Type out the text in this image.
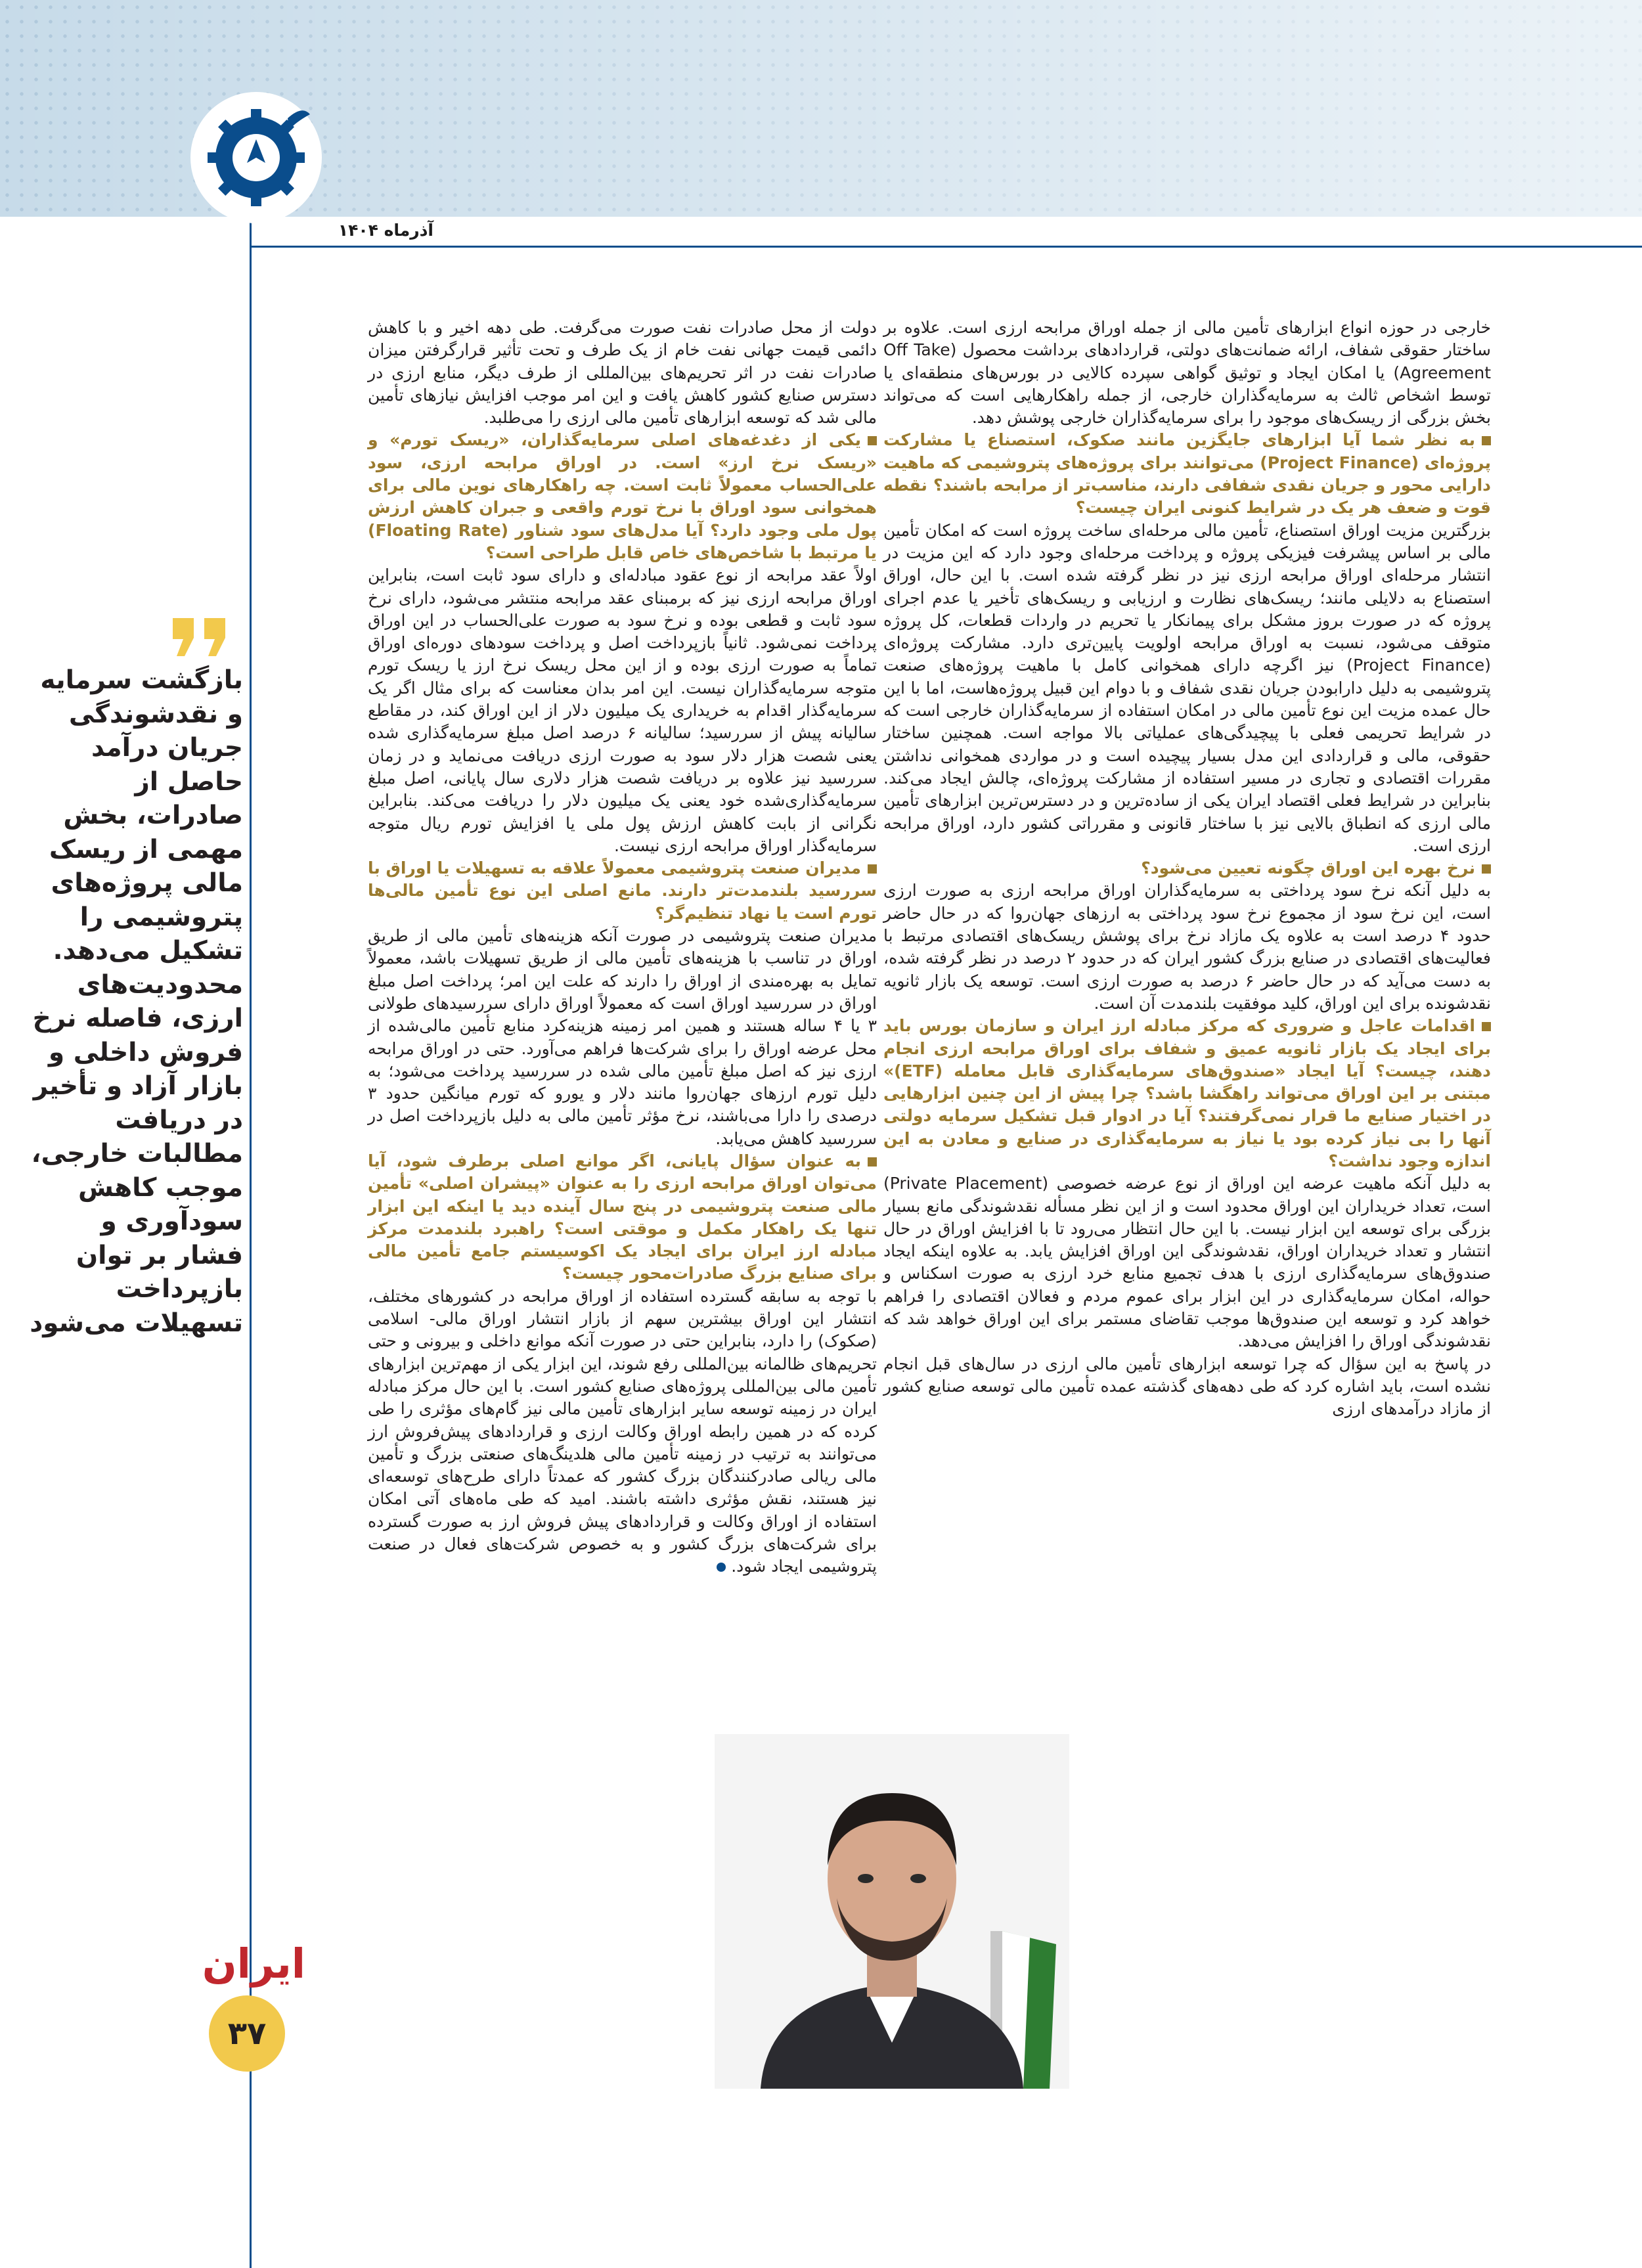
آذرماه ۱۴۰۴

خارجی در حوزه انواع ابزارهای تأمین مالی از جمله اوراق مرابحه ارزی است. علاوه بر ساختار حقوقی شفاف، ارائه ضمانت‌های دولتی، قراردادهای برداشت محصول (Off Take Agreement) یا امکان ایجاد و توثیق گواهی سپرده کالایی در بورس‌های منطقه‌ای یا توسط اشخاص ثالث به سرمایه‌گذاران خارجی، از جمله راهکارهایی است که می‌تواند بخش بزرگی از ریسک‌های موجود را برای سرمایه‌گذاران خارجی پوشش دهد.

به نظر شما آیا ابزارهای جایگزین مانند صکوک، استصناع یا مشارکت پروژه‌ای (Project Finance) می‌توانند برای پروژه‌های پتروشیمی که ماهیت دارایی محور و جریان نقدی شفافی دارند، مناسب‌تر از مرابحه باشند؟ نقطه قوت و ضعف هر یک در شرایط کنونی ایران چیست؟

بزرگترین مزیت اوراق استصناع، تأمین مالی مرحله‌ای ساخت پروژه است که امکان تأمین مالی بر اساس پیشرفت فیزیکی پروژه و پرداخت مرحله‌ای وجود دارد که این مزیت در انتشار مرحله‌ای اوراق مرابحه ارزی نیز در نظر گرفته شده است. با این حال، اوراق استصناع به دلایلی مانند؛ ریسک‌های نظارت و ارزیابی و ریسک‌های تأخیر یا عدم اجرای پروژه که در صورت بروز مشکل برای پیمانکار یا تحریم در واردات قطعات، کل پروژه متوقف می‌شود، نسبت به اوراق مرابحه اولویت پایین‌تری دارد. مشارکت پروژه‌ای (Project Finance) نیز اگرچه دارای همخوانی کامل با ماهیت پروژه‌های صنعت پتروشیمی به دلیل دارابودن جریان نقدی شفاف و با دوام این قبیل پروژه‌هاست، اما با این حال عمده مزیت این نوع تأمین مالی در امکان استفاده از سرمایه‌گذاران خارجی است که در شرایط تحریمی فعلی با پیچیدگی‌های عملیاتی بالا مواجه است. همچنین ساختار حقوقی، مالی و قراردادی این مدل بسیار پیچیده است و در مواردی همخوانی نداشتن مقررات اقتصادی و تجاری در مسیر استفاده از مشارکت پروژه‌ای، چالش ایجاد می‌کند. بنابراین در شرایط فعلی اقتصاد ایران یکی از ساده‌ترین و در دسترس‌ترین ابزارهای تأمین مالی ارزی که انطباق بالایی نیز با ساختار قانونی و مقرراتی کشور دارد، اوراق مرابحه ارزی است.

نرخ بهره این اوراق چگونه تعیین می‌شود؟

به دلیل آنکه نرخ سود پرداختی به سرمایه‌گذاران اوراق مرابحه ارزی به صورت ارزی است، این نرخ سود از مجموع نرخ سود پرداختی به ارزهای جهان‌روا که در حال حاضر حدود ۴ درصد است به علاوه یک مازاد نرخ برای پوشش ریسک‌های اقتصادی مرتبط با فعالیت‌های اقتصادی در صنایع بزرگ کشور ایران که در حدود ۲ درصد در نظر گرفته شده، به دست می‌آید که در حال حاضر ۶ درصد به صورت ارزی است. توسعه یک بازار ثانویه نقدشونده برای این اوراق، کلید موفقیت بلندمدت آن است.

اقدامات عاجل و ضروری که مرکز مبادله ارز ایران و سازمان بورس باید برای ایجاد یک بازار ثانویه عمیق و شفاف برای اوراق مرابحه ارزی انجام دهند، چیست؟ آیا ایجاد «صندوق‌های سرمایه‌گذاری قابل معامله (ETF)» مبتنی بر این اوراق می‌تواند راهگشا باشد؟ چرا پیش از این چنین ابزارهایی در اختیار صنایع ما قرار نمی‌گرفتند؟ آیا در ادوار قبل تشکیل سرمایه دولتی آنها را بی نیاز کرده بود یا نیاز به سرمایه‌گذاری در صنایع و معادن به این اندازه وجود نداشت؟

به دلیل آنکه ماهیت عرضه این اوراق از نوع عرضه خصوصی (Private Placement) است، تعداد خریداران این اوراق محدود است و از این نظر مسأله نقدشوندگی مانع بسیار بزرگی برای توسعه این ابزار نیست. با این حال انتظار می‌رود تا با افزایش اوراق در حال انتشار و تعداد خریداران اوراق، نقدشوندگی این اوراق افزایش یابد. به علاوه اینکه ایجاد صندوق‌های سرمایه‌گذاری ارزی با هدف تجمیع منابع خرد ارزی به صورت اسکناس و حواله، امکان سرمایه‌گذاری در این ابزار برای عموم مردم و فعالان اقتصادی را فراهم خواهد کرد و توسعه این صندوق‌ها موجب تقاضای مستمر برای این اوراق خواهد شد که نقدشوندگی اوراق را افزایش می‌دهد.

در پاسخ به این سؤال که چرا توسعه ابزارهای تأمین مالی ارزی در سال‌های قبل انجام نشده است، باید اشاره کرد که طی دهه‌های گذشته عمده تأمین مالی توسعه صنایع کشور از مازاد درآمدهای ارزی

دولت از محل صادرات نفت صورت می‌گرفت. طی دهه اخیر و با کاهش دائمی قیمت جهانی نفت خام از یک طرف و تحت تأثیر قرارگرفتن میزان صادرات نفت در اثر تحریم‌های بین‌المللی از طرف دیگر، منابع ارزی در دسترس صنایع کشور کاهش یافت و این امر موجب افزایش نیازهای تأمین مالی شد که توسعه ابزارهای تأمین مالی ارزی را می‌طلبد.

یکی از دغدغه‌های اصلی سرمایه‌گذاران، «ریسک تورم» و «ریسک نرخ ارز» است. در اوراق مرابحه ارزی، سود علی‌الحساب معمولاً ثابت است. چه راهکارهای نوین مالی برای همخوانی سود اوراق با نرخ تورم واقعی و جبران کاهش ارزش پول ملی وجود دارد؟ آیا مدل‌های سود شناور (Floating Rate) یا مرتبط با شاخص‌های خاص قابل طراحی است؟

اولاً عقد مرابحه از نوع عقود مبادله‌ای و دارای سود ثابت است، بنابراین اوراق مرابحه ارزی نیز که برمبنای عقد مرابحه منتشر می‌شود، دارای نرخ سود ثابت و قطعی بوده و نرخ سود به صورت علی‌الحساب در این اوراق پرداخت نمی‌شود. ثانیاً بازپرداخت اصل و پرداخت سودهای دوره‌ای اوراق تماماً به صورت ارزی بوده و از این محل ریسک نرخ ارز یا ریسک تورم متوجه سرمایه‌گذاران نیست. این امر بدان معناست که برای مثال اگر یک سرمایه‌گذار اقدام به خریداری یک میلیون دلار از این اوراق کند، در مقاطع سالیانه پیش از سررسید؛ سالیانه ۶ درصد اصل مبلغ سرمایه‌گذاری شده یعنی شصت هزار دلار سود به صورت ارزی دریافت می‌نماید و در زمان سررسید نیز علاوه بر دریافت شصت هزار دلاری سال پایانی، اصل مبلغ سرمایه‌گذاری‌شده خود یعنی یک میلیون دلار را دریافت می‌کند. بنابراین نگرانی از بابت کاهش ارزش پول ملی یا افزایش تورم ریال متوجه سرمایه‌گذار اوراق مرابحه ارزی نیست.

مدیران صنعت پتروشیمی معمولاً علاقه به تسهیلات یا اوراق با سررسید بلندمدت‌تر دارند. مانع اصلی این نوع تأمین مالی‌ها تورم است یا نهاد تنظیم‌گر؟

مدیران صنعت پتروشیمی در صورت آنکه هزینه‌های تأمین مالی از طریق اوراق در تناسب با هزینه‌های تأمین مالی از طریق تسهیلات باشد، معمولاً تمایل به بهره‌مندی از اوراق را دارند که علت این امر؛ پرداخت اصل مبلغ اوراق در سررسید اوراق است که معمولاً اوراق دارای سررسیدهای طولانی ۳ یا ۴ ساله هستند و همین امر زمینه هزینه‌کرد منابع تأمین مالی‌شده از محل عرضه اوراق را برای شرکت‌ها فراهم می‌آورد. حتی در اوراق مرابحه ارزی نیز که اصل مبلغ تأمین مالی شده در سررسید پرداخت می‌شود؛ به دلیل تورم ارزهای جهان‌روا مانند دلار و یورو که تورم میانگین حدود ۳ درصدی را دارا می‌باشند، نرخ مؤثر تأمین مالی به دلیل بازپرداخت اصل در سررسید کاهش می‌یابد.

به عنوان سؤال پایانی، اگر موانع اصلی برطرف شود، آیا می‌توان اوراق مرابحه ارزی را به عنوان «پیشران اصلی» تأمین مالی صنعت پتروشیمی در پنج سال آینده دید یا اینکه این ابزار تنها یک راهکار مکمل و موقتی است؟ راهبرد بلندمدت مرکز مبادله ارز ایران برای ایجاد یک اکوسیستم جامع تأمین مالی برای صنایع بزرگ صادرات‌محور چیست؟

با توجه به سابقه گسترده استفاده از اوراق مرابحه در کشورهای مختلف، انتشار این اوراق بیشترین سهم از بازار انتشار اوراق مالی- اسلامی (صکوک) را دارد، بنابراین حتی در صورت آنکه موانع داخلی و بیرونی و حتی تحریم‌های ظالمانه بین‌المللی رفع شوند، این ابزار یکی از مهم‌ترین ابزارهای تأمین مالی بین‌المللی پروژه‌های صنایع کشور است. با این حال مرکز مبادله ایران در زمینه توسعه سایر ابزارهای تأمین مالی نیز گام‌های مؤثری را طی کرده که در همین رابطه اوراق وکالت ارزی و قراردادهای پیش‌فروش ارز می‌توانند به ترتیب در زمینه تأمین مالی هلدینگ‌های صنعتی بزرگ و تأمین مالی ریالی صادرکنندگان بزرگ کشور که عمدتاً دارای طرح‌های توسعه‌ای نیز هستند، نقش مؤثری داشته باشند. امید که طی ماه‌های آتی امکان استفاده از اوراق وکالت و قراردادهای پیش فروش ارز به صورت گسترده برای شرکت‌های بزرگ کشور و به خصوص شرکت‌های فعال در صنعت پتروشیمی ایجاد شود.

بازگشت سرمایه و نقدشوندگی جریان درآمد حاصل از صادرات، بخش مهمی از ریسک مالی پروژه‌های پتروشیمی را تشکیل می‌دهد. محدودیت‌های ارزی، فاصله نرخ فروش داخلی و بازار آزاد و تأخیر در دریافت مطالبات خارجی، موجب کاهش سودآوری و فشار بر توان بازپرداخت تسهیلات می‌شود

ایران
۳۷
